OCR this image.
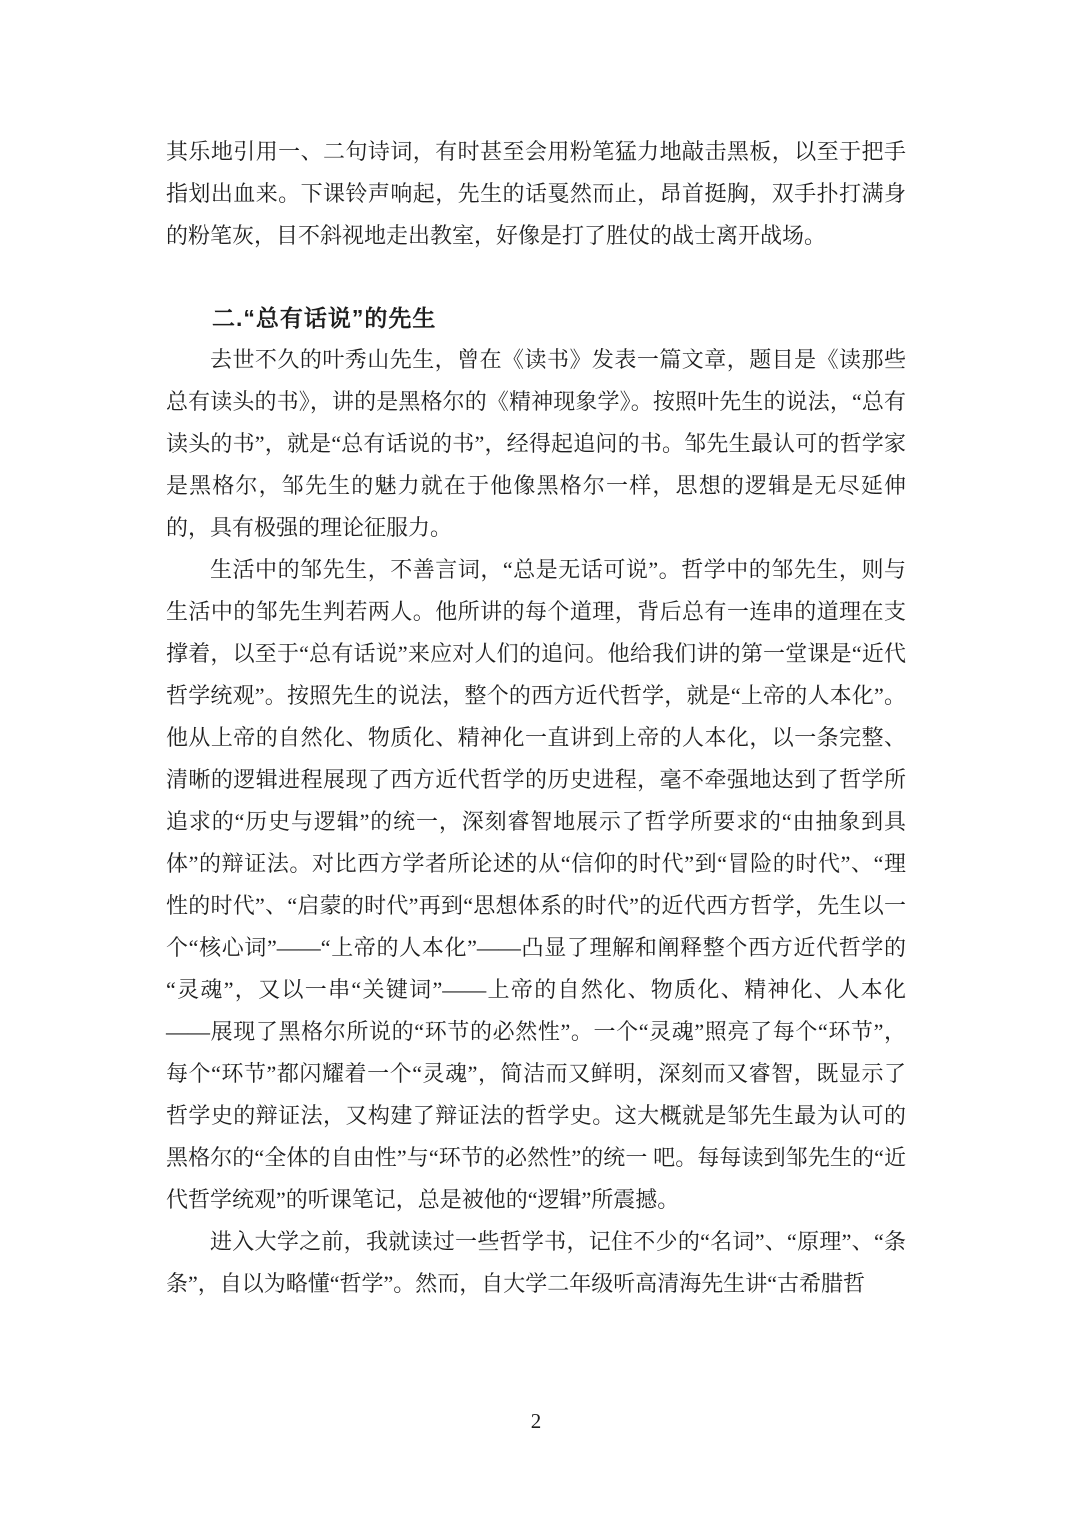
其乐地引用一、二句诗词，有时甚至会用粉笔猛力地敲击黑板，以至于把手指划出血来。下课铃声响起，先生的话戛然而止，昂首挺胸，双手扑打满身的粉笔灰，目不斜视地走出教室，好像是打了胜仗的战士离开战场。

二.“总有话说”的先生

去世不久的叶秀山先生，曾在《读书》发表一篇文章，题目是《读那些总有读头的书》，讲的是黑格尔的《精神现象学》。按照叶先生的说法，“总有读头的书”，就是“总有话说的书”，经得起追问的书。邹先生最认可的哲学家是黑格尔，邹先生的魅力就在于他像黑格尔一样，思想的逻辑是无尽延伸的，具有极强的理论征服力。

生活中的邹先生，不善言词，“总是无话可说”。哲学中的邹先生，则与生活中的邹先生判若两人。他所讲的每个道理，背后总有一连串的道理在支撑着，以至于“总有话说”来应对人们的追问。他给我们讲的第一堂课是“近代哲学统观”。按照先生的说法，整个的西方近代哲学，就是“上帝的人本化”。他从上帝的自然化、物质化、精神化一直讲到上帝的人本化，以一条完整、清晰的逻辑进程展现了西方近代哲学的历史进程，毫不牵强地达到了哲学所追求的“历史与逻辑”的统一，深刻睿智地展示了哲学所要求的“由抽象到具体”的辩证法。对比西方学者所论述的从“信仰的时代”到“冒险的时代”、“理性的时代”、“启蒙的时代”再到“思想体系的时代”的近代西方哲学，先生以一个“核心词”——“上帝的人本化”——凸显了理解和阐释整个西方近代哲学的“灵魂”，又以一串“关键词”——上帝的自然化、物质化、精神化、人本化——展现了黑格尔所说的“环节的必然性”。一个“灵魂”照亮了每个“环节”，每个“环节”都闪耀着一个“灵魂”，简洁而又鲜明，深刻而又睿智，既显示了哲学史的辩证法，又构建了辩证法的哲学史。这大概就是邹先生最为认可的黑格尔的“全体的自由性”与“环节的必然性”的统一 吧。每每读到邹先生的“近代哲学统观”的听课笔记，总是被他的“逻辑”所震撼。

进入大学之前，我就读过一些哲学书，记住不少的“名词”、“原理”、“条条”，自以为略懂“哲学”。然而，自大学二年级听高清海先生讲“古希腊哲

2
